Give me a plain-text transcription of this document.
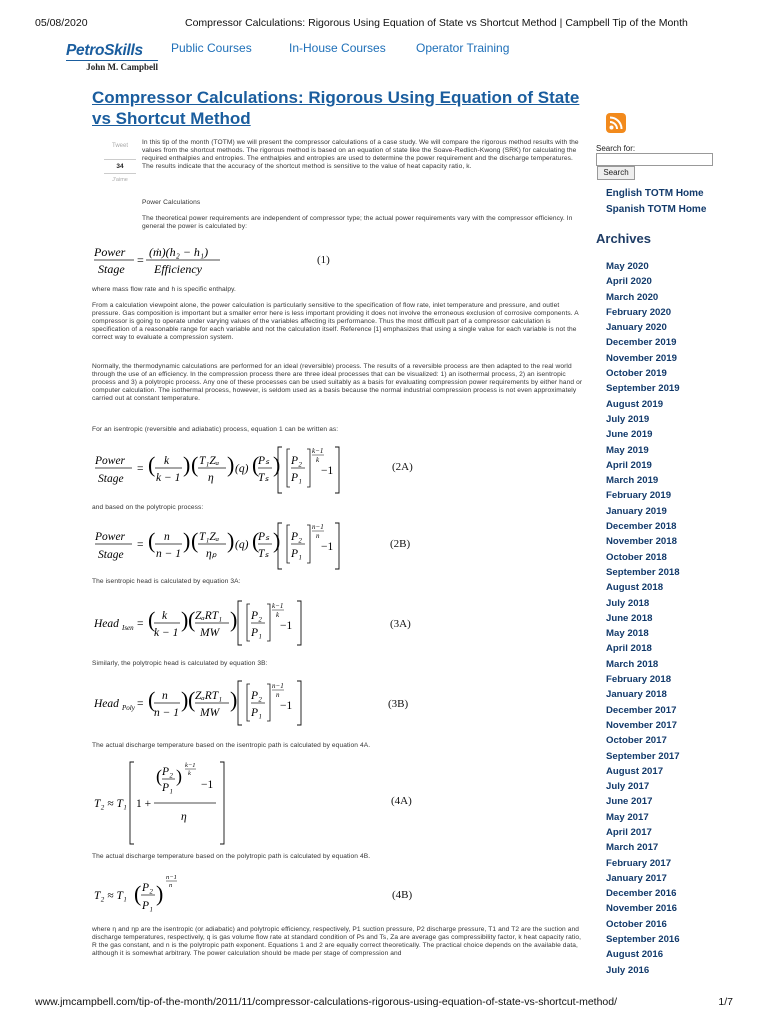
05/08/2020	Compressor Calculations: Rigorous Using Equation of State vs Shortcut Method | Campbell Tip of the Month
PetroSkills
John M. Campbell
Public Courses	In-House Courses	Operator Training
Compressor Calculations: Rigorous Using Equation of State vs Shortcut Method
Tweet
34
J'aime

In this tip of the month (TOTM) we will present the compressor calculations of a case study. We will compare the rigorous method results with the values from the shortcut methods. The rigorous method is based on an equation of state like the Soave-Redlich-Kwong (SRK) for calculating the required enthalpies and entropies. The enthalpies and entropies are used to determine the power requirement and the discharge temperatures. The results indicate that the accuracy of the shortcut method is sensitive to the value of heat capacity ratio, k.

Power Calculations

The theoretical power requirements are independent of compressor type; the actual power requirements vary with the compressor efficiency. In general the power is calculated by:

Power
Stage
=
(ṁ)(h₂ − h₁)
Efficiency
(1)

where mass flow rate and h is specific enthalpy.

From a calculation viewpoint alone, the power calculation is particularly sensitive to the specification of flow rate, inlet temperature and pressure, and outlet pressure. Gas composition is important but a smaller error here is less important providing it does not involve the erroneous exclusion of corrosive components. A compressor is going to operate under varying values of the variables affecting its performance. Thus the most difficult part of a compressor calculation is specification of a reasonable range for each variable and not the calculation itself. Reference [1] emphasizes that using a single value for each variable is not the correct way to evaluate a compression system.

Normally, the thermodynamic calculations are performed for an ideal (reversible) process. The results of a reversible process are then adapted to the real world through the use of an efficiency. In the compression process there are three ideal processes that can be visualized: 1) an isothermal process, 2) an isentropic process and 3) a polytropic process. Any one of these processes can be used suitably as a basis for evaluating compression power requirements by either hand or computer calculation. The isothermal process, however, is seldom used as a basis because the normal industrial compression process is not even approximately carried out at constant temperature.

For an isentropic (reversible and adiabatic) process, equation 1 can be written as:

Power
Stage
= ( k
k − 1
) ( T₁Zₐ
η
) (q) (
Pₛ
Tₛ
) P₂
P₁
k−1
k
−1	(2A)

and based on the polytropic process:

Power
Stage
= ( n
n − 1
) ( T₁Zₐ
ηₚ
) (q) (
Pₛ
Tₛ
) P₂
P₁
n−1
n
−1	(2B)

The isentropic head is calculated by equation 3A:

Head Isen = ( k
k − 1
) ( ZₐRT₁
MW
) P₂
P₁
k−1
k
−1	(3A)

Similarly, the polytropic head is calculated by equation 3B:

Head Poly = ( n
n − 1
) ( ZₐRT₁
MW
) P₂
P₁
n−1
n
−1	(3B)

The actual discharge temperature based on the isentropic path is calculated by equation 4A.

T₂ ≈ T₁ 1 +
( P₂
P₁
)
k−1
k
−1
η
(4A)

The actual discharge temperature based on the polytropic path is calculated by equation 4B.

T₂ ≈ T₁ ( P₂
P₁ )
n−1
n
(4B)

where η and ηp are the isentropic (or adiabatic) and polytropic efficiency, respectively, P1 suction pressure, P2 discharge pressure, T1 and T2 are the suction and discharge temperatures, respectively, q is gas volume flow rate at standard condition of Ps and Ts, Za are average gas compressibility factor, k heat capacity ratio, R the gas constant, and n is the polytropic path exponent. Equations 1 and 2 are equally correct theoretically. The practical choice depends on the available data, although it is somewhat arbitrary. The power calculation should be made per stage of compression and

Search for:
Search
English TOTM Home
Spanish TOTM Home
Archives
May 2020
April 2020
March 2020
February 2020
January 2020
December 2019
November 2019
October 2019
September 2019
August 2019
July 2019
June 2019
May 2019
April 2019
March 2019
February 2019
January 2019
December 2018
November 2018
October 2018
September 2018
August 2018
July 2018
June 2018
May 2018
April 2018
March 2018
February 2018
January 2018
December 2017
November 2017
October 2017
September 2017
August 2017
July 2017
June 2017
May 2017
April 2017
March 2017
February 2017
January 2017
December 2016
November 2016
October 2016
September 2016
August 2016
July 2016
www.jmcampbell.com/tip-of-the-month/2011/11/compressor-calculations-rigorous-using-equation-of-state-vs-shortcut-method/	1/7
